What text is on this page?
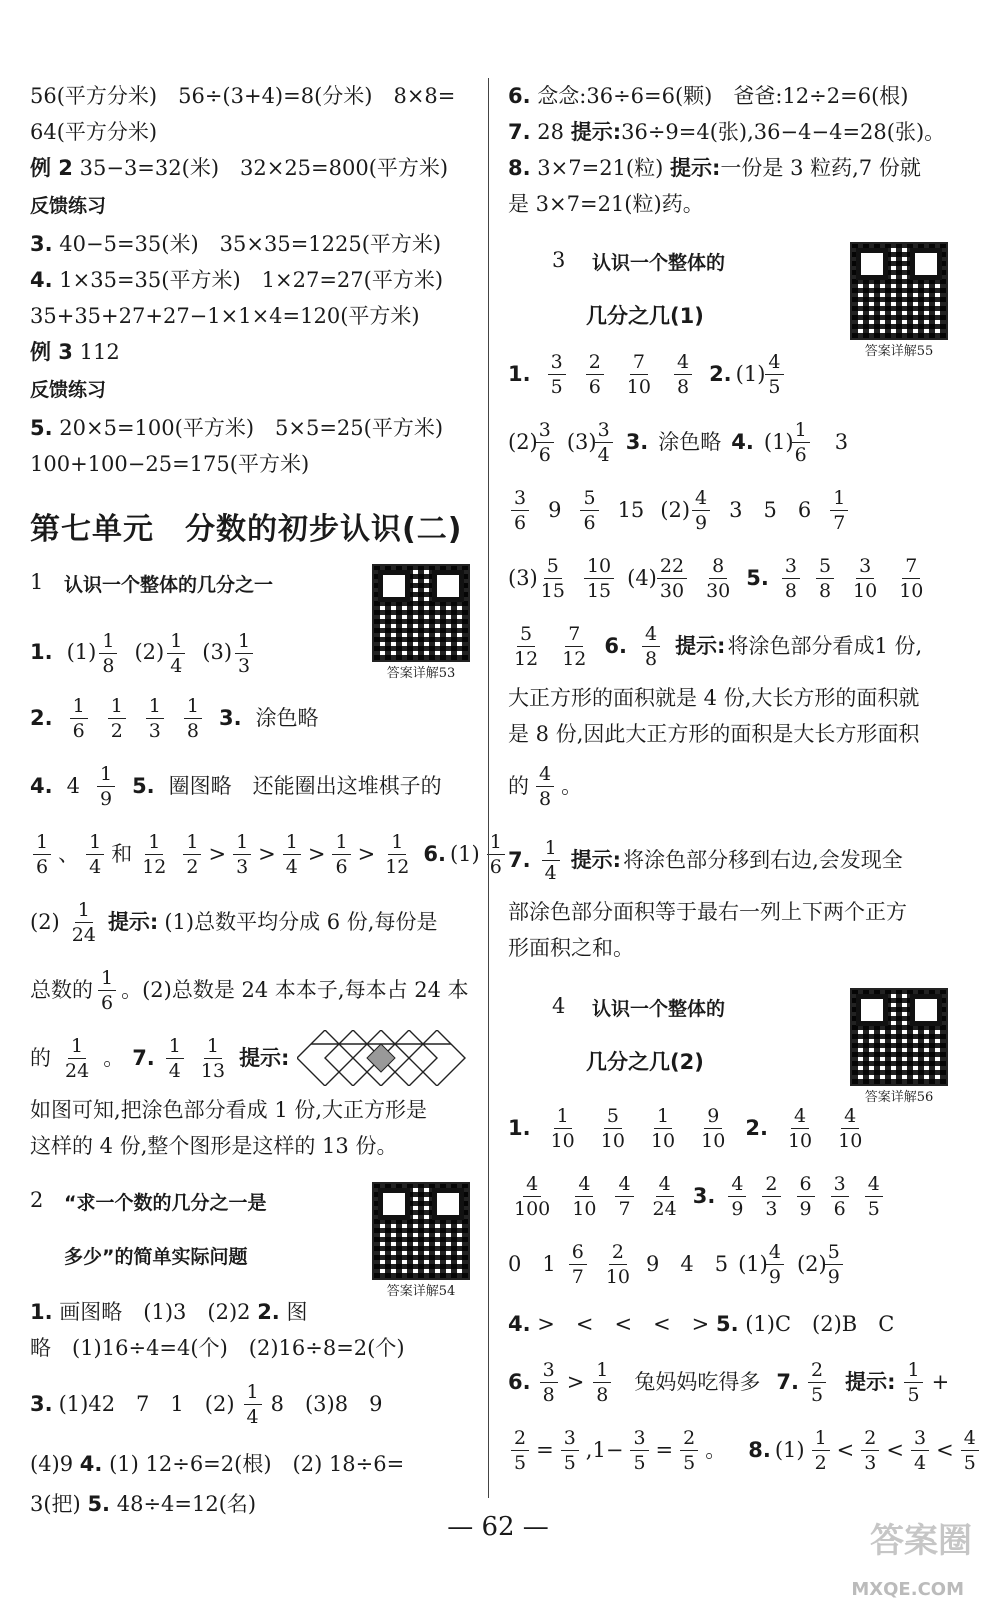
56(平方分米)　56÷(3+4)=8(分米)　8×8=
64(平方分米)
例 2 35−3=32(米)　32×25=800(平方米)
反馈练习
3. 40−5=35(米)　35×35=1225(平方米)
4. 1×35=35(平方米)　1×27=27(平方米)
35+35+27+27−1×1×4=120(平方米)
例 3 112
反馈练习
5. 20×5=100(平方米)　5×5=25(平方米)
100+100−25=175(平方米)
第七单元　分数的初步认识(二)
1 认识一个整体的几分之一
答案详解53
1. $(1) \frac{1}{8} (2) \frac{1}{4} (3) \frac{1}{3}$
2. $\frac{1}{6} \frac{1}{2} \frac{1}{3} \frac{1}{8} 3$. 涂色略
4. $4 \frac{1}{9} 5$. 圈图略　还能圈出这堆棋子的
$\frac{1}{6}$ 、 $\frac{1}{4}$ 和 $\frac{1}{12} \frac{1}{2} > \frac{1}{3} > \frac{1}{4} > \frac{1}{6} > \frac{1}{12} 6$. $(1) \frac{1}{6}$
$(2) \frac{1}{24}$ 提示: (1)总数平均分成 6 份,每份是
总数的 $\frac{1}{6}$ 。(2)总数是 24 本本子,每本占 24 本
的 $\frac{1}{24}$ 。 7. $\frac{1}{4} \frac{1}{13}$ 提示:
如图可知,把涂色部分看成 1 份,大正方形是
这样的 4 份,整个图形是这样的 13 份。
2 “求一个数的几分之一是
多少”的简单实际问题
答案详解54
1. 画图略　(1)3　(2)2 2. 图
略　(1)16÷4=4(个)　(2)16÷8=2(个)
3. (1)42　7　1　$(2) \frac{1}{4} 8$　(3)8　9
(4)9 4. (1) 12÷6=2(根)　(2) 18÷6=
3(把) 5. 48÷4=12(名)
6. 念念:36÷6=6(颗)　爸爸:12÷2=6(根)
7. 28 提示:36÷9=4(张),36−4−4=28(张)。
8. 3×7=21(粒) 提示:一份是 3 粒药,7 份就
是 3×7=21(粒)药。
3 认识一个整体的
几分之几(1)
答案详解55
1. $\frac{3}{5} \frac{2}{6} \frac{7}{10} \frac{4}{8} 2$. $(1) \frac{4}{5}$
(2)
$\frac{3}{6} (3)$
$\frac{3}{4} 3$. 涂色略 4. (1)
$\frac{1}{6} 3$
$\frac{3}{6} 9 \frac{5}{6} 15$ $(2) \frac{4}{9} 3$　5　$6 \frac{1}{7}$
$(3) \frac{5}{15} \frac{10}{15} (4) \frac{22}{30} \frac{8}{30} 5$. $\frac{3}{8} \frac{5}{8} \frac{3}{10} \frac{7}{10}$
$\frac{5}{12} \frac{7}{12} 6$. $\frac{4}{8}$ 提示: 将涂色部分看成1 份,
大正方形的面积就是 4 份,大长方形的面积就
是 8 份,因此大正方形的面积是大长方形面积
的 $\frac{4}{8}$ 。
7. $\frac{1}{4}$ 提示: 将涂色部分移到右边,会发现全
部涂色部分面积等于最右一列上下两个正方
形面积之和。
4 认识一个整体的
几分之几(2)
答案详解56
1. $\frac{1}{10} \frac{5}{10} \frac{1}{10} \frac{9}{10} 2$. $\frac{4}{10} \frac{4}{10}$
$\frac{4}{100} \frac{4}{10} \frac{4}{7} \frac{4}{24} 3$. $\frac{4}{9} \frac{2}{3} \frac{6}{9} \frac{3}{6} \frac{4}{5}$
0　$1 \frac{6}{7} \frac{2}{10} 9$　4　5 (1)
$\frac{4}{9} (2)$
$\frac{5}{9}$
4. >　<　<　<　> 5. (1)C　(2)B　C
6. $\frac{3}{8} > \frac{1}{8}$ 兔妈妈吃得多 7. $\frac{2}{5}$ 提示: $\frac{1}{5}$ +
$\frac{2}{5} = \frac{3}{5} ,1- \frac{3}{5} = \frac{2}{5}$ 。 8. $(1) \frac{1}{2} < \frac{2}{3} < \frac{3}{4} < \frac{4}{5}$
— 62 —	答案圈
MXQE.COM
